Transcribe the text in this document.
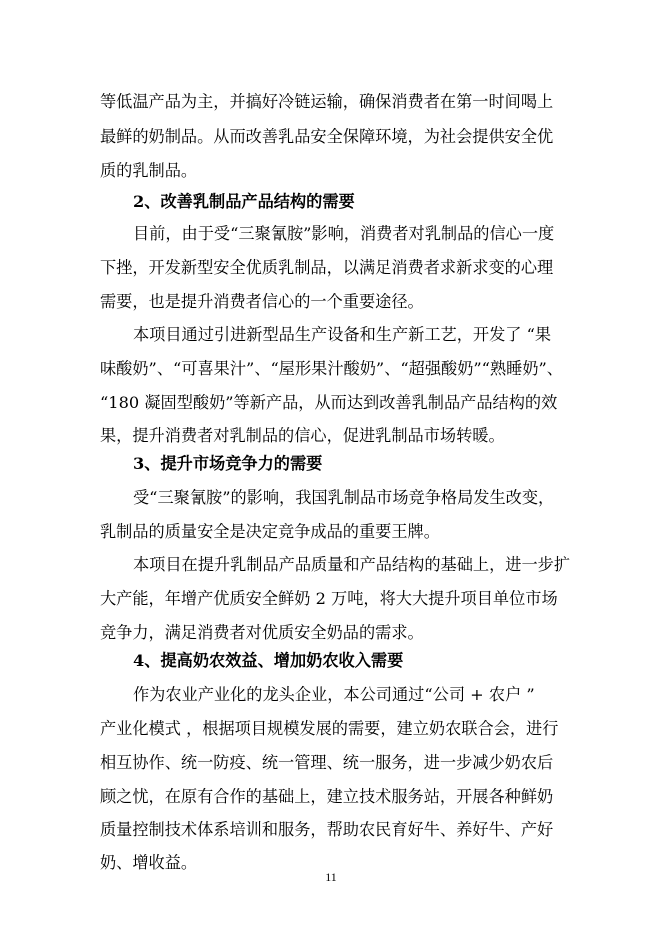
等低温产品为主，并搞好冷链运输，确保消费者在第一时间喝上
最鲜的奶制品。从而改善乳品安全保障环境，为社会提供安全优
质的乳制品。
2、改善乳制品产品结构的需要
目前，由于受“三聚氰胺”影响，消费者对乳制品的信心一度
下挫，开发新型安全优质乳制品，以满足消费者求新求变的心理
需要，也是提升消费者信心的一个重要途径。
本项目通过引进新型品生产设备和生产新工艺，开发了 “果
味酸奶”、“可喜果汁”、“屋形果汁酸奶”、“超强酸奶”“熟睡奶”、
“180 凝固型酸奶”等新产品，从而达到改善乳制品产品结构的效
果，提升消费者对乳制品的信心，促进乳制品市场转暖。
3、提升市场竞争力的需要
受“三聚氰胺”的影响，我国乳制品市场竞争格局发生改变，
乳制品的质量安全是决定竞争成品的重要王牌。
本项目在提升乳制品产品质量和产品结构的基础上，进一步扩
大产能，年增产优质安全鲜奶 2 万吨，将大大提升项目单位市场
竞争力，满足消费者对优质安全奶品的需求。
4、提高奶农效益、增加奶农收入需要
作为农业产业化的龙头企业，本公司通过“公司 + 农户 ”
产业化模式 ，根据项目规模发展的需要，建立奶农联合会，进行
相互协作、统一防疫、统一管理、统一服务，进一步减少奶农后
顾之忧，在原有合作的基础上，建立技术服务站，开展各种鲜奶
质量控制技术体系培训和服务，帮助农民育好牛、养好牛、产好
奶、增收益。
11
